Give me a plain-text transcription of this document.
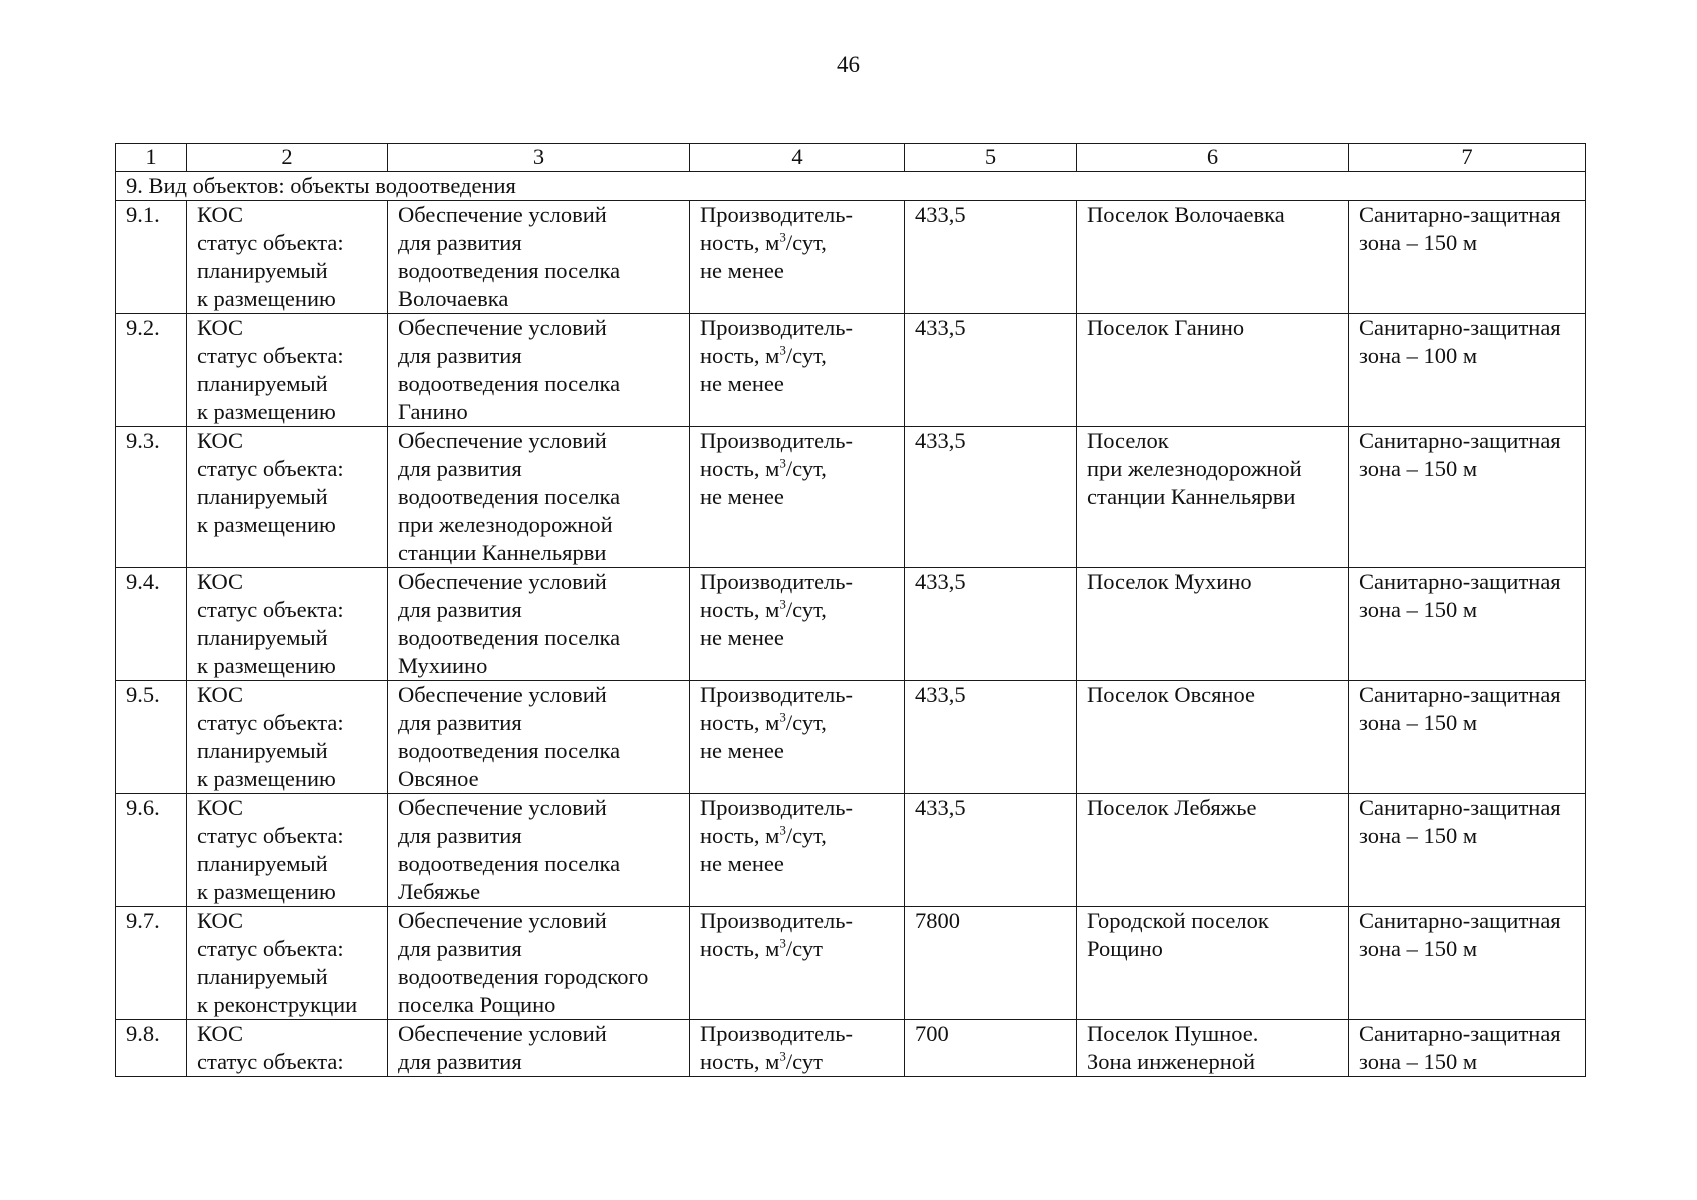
46
1	2	3	4	5	6	7
9. Вид объектов: объекты водоотведения						
9.1.	КОС
статус объекта:
планируемый
к размещению	Обеспечение условий
для развития
водоотведения поселка
Волочаевка	Производитель-
ность, $м^3$/сут,
не менее	433,5	Поселок Волочаевка	Санитарно-защитная
зона – 150 м

9.2.	КОС
статус объекта:
планируемый
к размещению	Обеспечение условий
для развития
водоотведения поселка
Ганино	Производитель-
ность, $м^3$/сут,
не менее	433,5	Поселок Ганино	Санитарно-защитная
зона – 100 м

9.3.	КОС
статус объекта:
планируемый
к размещению	Обеспечение условий
для развития
водоотведения поселка
при железнодорожной
станции Каннельярви	Производитель-
ность, $м^3$/сут,
не менее	433,5	Поселок
при железнодорожной
станции Каннельярви	Санитарно-защитная
зона – 150 м

9.4.	КОС
статус объекта:
планируемый
к размещению	Обеспечение условий
для развития
водоотведения поселка
Мухиино	Производитель-
ность, $м^3$/сут,
не менее	433,5	Поселок Мухино	Санитарно-защитная
зона – 150 м

9.5.	КОС
статус объекта:
планируемый
к размещению	Обеспечение условий
для развития
водоотведения поселка
Овсяное	Производитель-
ность, $м^3$/сут,
не менее	433,5	Поселок Овсяное	Санитарно-защитная
зона – 150 м

9.6.	КОС
статус объекта:
планируемый
к размещению	Обеспечение условий
для развития
водоотведения поселка
Лебяжье	Производитель-
ность, $м^3$/сут,
не менее	433,5	Поселок Лебяжье	Санитарно-защитная
зона – 150 м

9.7.	КОС
статус объекта:
планируемый
к реконструкции	Обеспечение условий
для развития
водоотведения городского
поселка Рощино	Производитель-
ность, $м^3$/сут	7800	Городской поселок
Рощино	Санитарно-защитная
зона – 150 м

9.8.	КОС
статус объекта:	Обеспечение условий
для развития	Производитель-
ность, $м^3$/сут	700	Поселок Пушное.
Зона инженерной	Санитарно-защитная
зона – 150 м
